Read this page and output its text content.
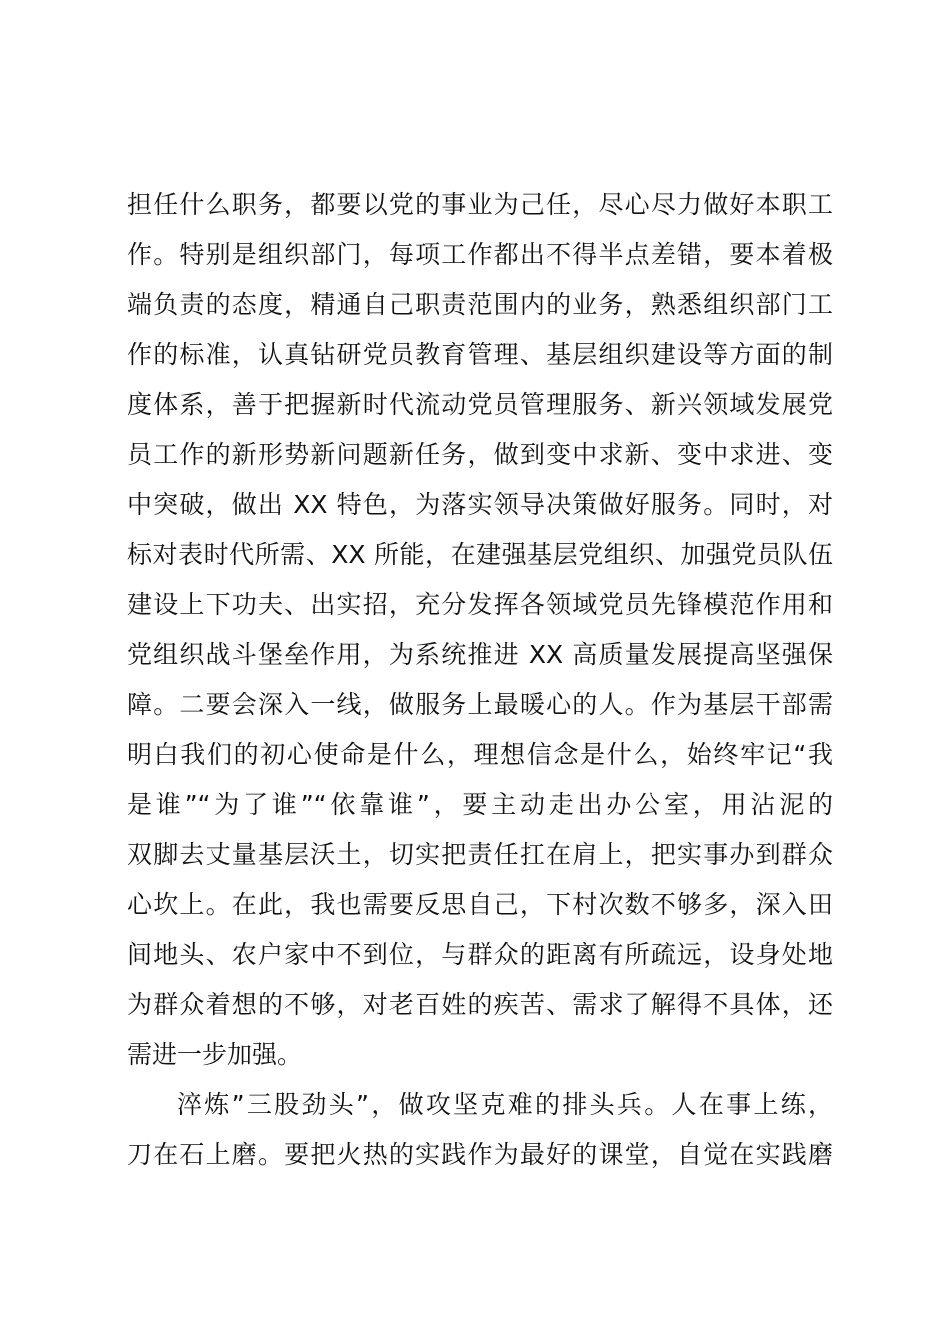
担任什么职务，都要以党的事业为己任，尽心尽力做好本职工
作。特别是组织部门，每项工作都出不得半点差错，要本着极
端负责的态度，精通自己职责范围内的业务，熟悉组织部门工
作的标准，认真钻研党员教育管理、基层组织建设等方面的制
度体系，善于把握新时代流动党员管理服务、新兴领域发展党
员工作的新形势新问题新任务，做到变中求新、变中求进、变
中突破，做出 XX 特色，为落实领导决策做好服务。同时，对
标对表时代所需、XX 所能，在建强基层党组织、加强党员队伍
建设上下功夫、出实招，充分发挥各领域党员先锋模范作用和
党组织战斗堡垒作用，为系统推进 XX 高质量发展提高坚强保
障。二要会深入一线，做服务上最暖心的人。作为基层干部需
明白我们的初心使命是什么，理想信念是什么，始终牢记“我
是谁”“为了谁”“依靠谁”，要主动走出办公室，用沾泥的
双脚去丈量基层沃土，切实把责任扛在肩上，把实事办到群众
心坎上。在此，我也需要反思自己，下村次数不够多，深入田
间地头、农户家中不到位，与群众的距离有所疏远，设身处地
为群众着想的不够，对老百姓的疾苦、需求了解得不具体，还
需进一步加强。
淬炼”三股劲头”，做攻坚克难的排头兵。人在事上练，
刀在石上磨。要把火热的实践作为最好的课堂，自觉在实践磨
